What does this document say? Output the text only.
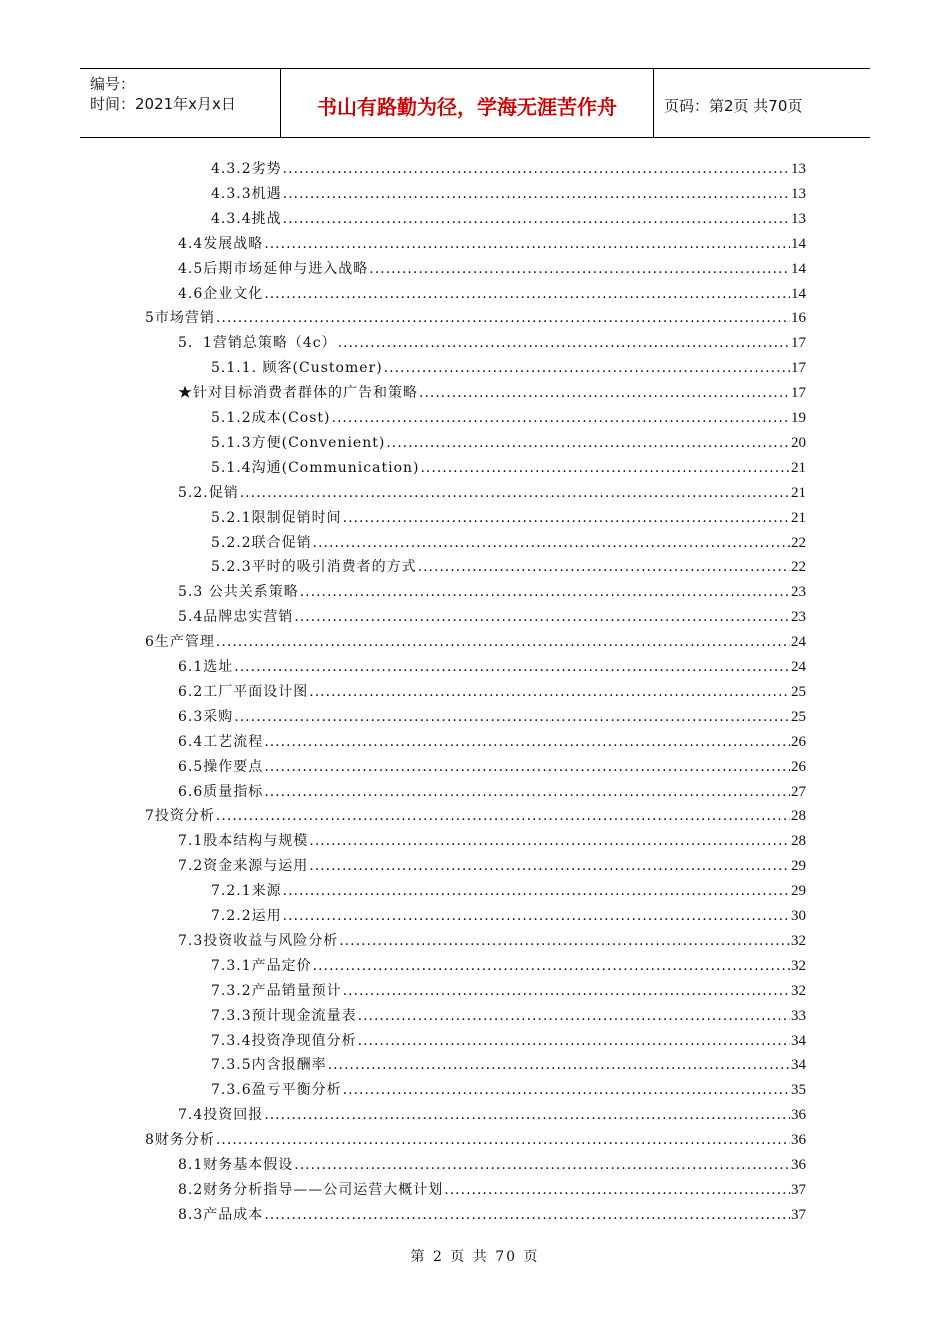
编号：
时间：2021年x月x日	书山有路勤为径，学海无涯苦作舟	页码：第2页 共70页
4.3.2劣势 .....	13
4.3.3机遇 .....	13
4.3.4挑战 .....	13
4.4发展战略 .....	14
4.5后期市场延伸与进入战略 .....	14
4.6企业文化 .....	14
5市场营销 .....	16
5．1营销总策略（4c） .....	17
5.1.1. 顾客(Customer) .....	17
★针对目标消费者群体的广告和策略 .....	17
5.1.2成本(Cost) .....	19
5.1.3方便(Convenient) .....	20
5.1.4沟通(Communication) .....	21
5.2.促销 .....	21
5.2.1限制促销时间 .....	21
5.2.2联合促销 .....	22
5.2.3平时的吸引消费者的方式 .....	22
5.3 公共关系策略 .....	23
5.4品牌忠实营销 .....	23
6生产管理 .....	24
6.1选址 .....	24
6.2工厂平面设计图 .....	25
6.3采购 .....	25
6.4工艺流程 .....	26
6.5操作要点 .....	26
6.6质量指标 .....	27
7投资分析 .....	28
7.1股本结构与规模 .....	28
7.2资金来源与运用 .....	29
7.2.1来源 .....	29
7.2.2运用 .....	30
7.3投资收益与风险分析 .....	32
7.3.1产品定价 .....	32
7.3.2产品销量预计 .....	32
7.3.3预计现金流量表 .....	33
7.3.4投资净现值分析 .....	34
7.3.5内含报酬率 .....	34
7.3.6盈亏平衡分析 .....	35
7.4投资回报 .....	36
8财务分析 .....	36
8.1财务基本假设 .....	36
8.2财务分析指导——公司运营大概计划 .....	37
8.3产品成本 .....	37
第 2 页 共 70 页
